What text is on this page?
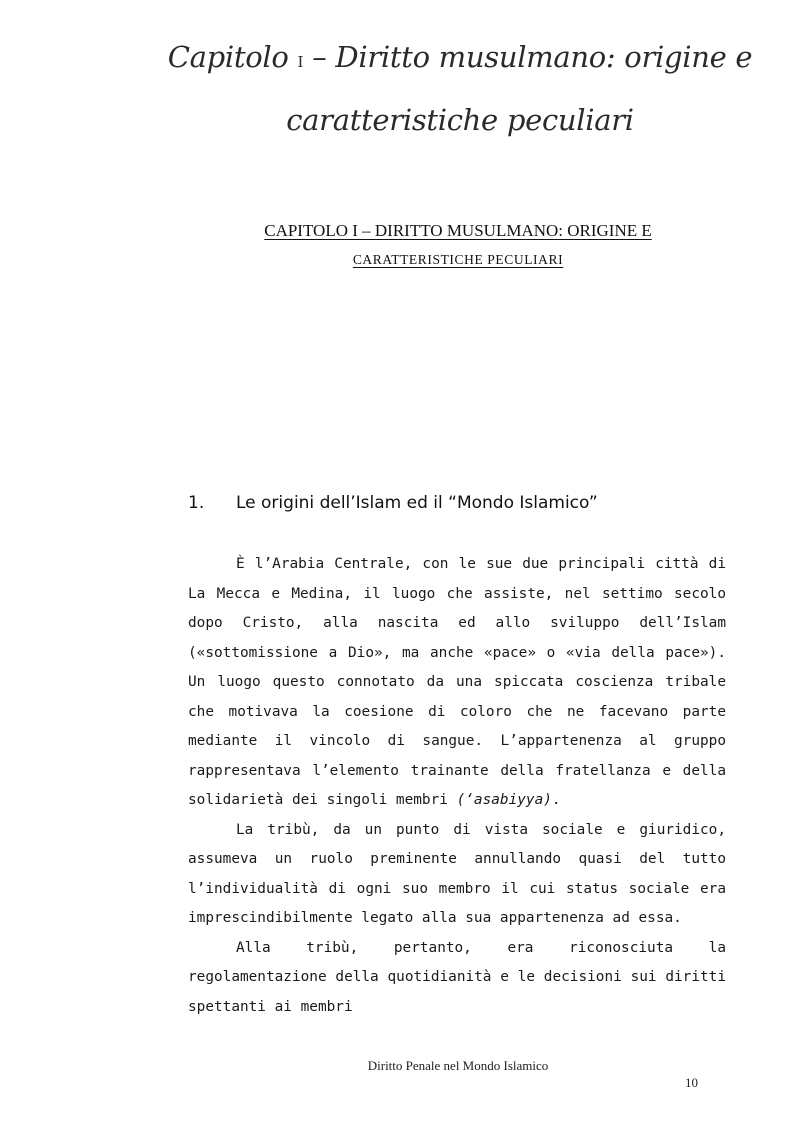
Capitolo I – Diritto musulmano: origine e
caratteristiche peculiari
CAPITOLO I – DIRITTO MUSULMANO: ORIGINE E
CARATTERISTICHE PECULIARI
1. Le origini dell’Islam ed il “Mondo Islamico”

È l’Arabia Centrale, con le sue due principali città di La Mecca e Medina, il luogo che assiste, nel settimo secolo dopo Cristo, alla nascita ed allo sviluppo dell’Islam («sottomissione a Dio», ma anche «pace» o «via della pace»). Un luogo questo connotato da una spiccata coscienza tribale che motivava la coesione di coloro che ne facevano parte mediante il vincolo di sangue. L’appartenenza al gruppo rappresentava l’elemento trainante della fratellanza e della solidarietà dei singoli membri (‘asabiyya).

La tribù, da un punto di vista sociale e giuridico, assumeva un ruolo preminente annullando quasi del tutto l’individualità di ogni suo membro il cui status sociale era imprescindibilmente legato alla sua appartenenza ad essa.

Alla tribù, pertanto, era riconosciuta la regolamentazione della quotidianità e le decisioni sui diritti spettanti ai membri

Diritto Penale nel Mondo Islamico
10
